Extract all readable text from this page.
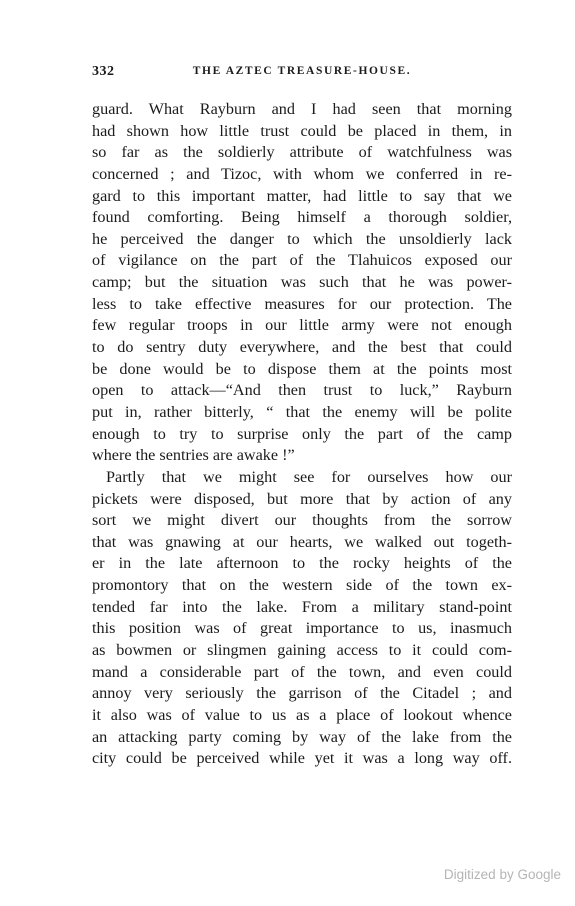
332	THE AZTEC TREASURE-HOUSE.
guard. What Rayburn and I had seen that morning
had shown how little trust could be placed in them, in
so far as the soldierly attribute of watchfulness was
concerned ; and Tizoc, with whom we conferred in re-
gard to this important matter, had little to say that we
found comforting. Being himself a thorough soldier,
he perceived the danger to which the unsoldierly lack
of vigilance on the part of the Tlahuicos exposed our
camp; but the situation was such that he was power-
less to take effective measures for our protection. The
few regular troops in our little army were not enough
to do sentry duty everywhere, and the best that could
be done would be to dispose them at the points most
open to attack—“And then trust to luck,” Rayburn
put in, rather bitterly, “ that the enemy will be polite
enough to try to surprise only the part of the camp
where the sentries are awake !”
Partly that we might see for ourselves how our
pickets were disposed, but more that by action of any
sort we might divert our thoughts from the sorrow
that was gnawing at our hearts, we walked out togeth-
er in the late afternoon to the rocky heights of the
promontory that on the western side of the town ex-
tended far into the lake. From a military stand-point
this position was of great importance to us, inasmuch
as bowmen or slingmen gaining access to it could com-
mand a considerable part of the town, and even could
annoy very seriously the garrison of the Citadel ; and
it also was of value to us as a place of lookout whence
an attacking party coming by way of the lake from the
city could be perceived while yet it was a long way off.
Digitized by Google
